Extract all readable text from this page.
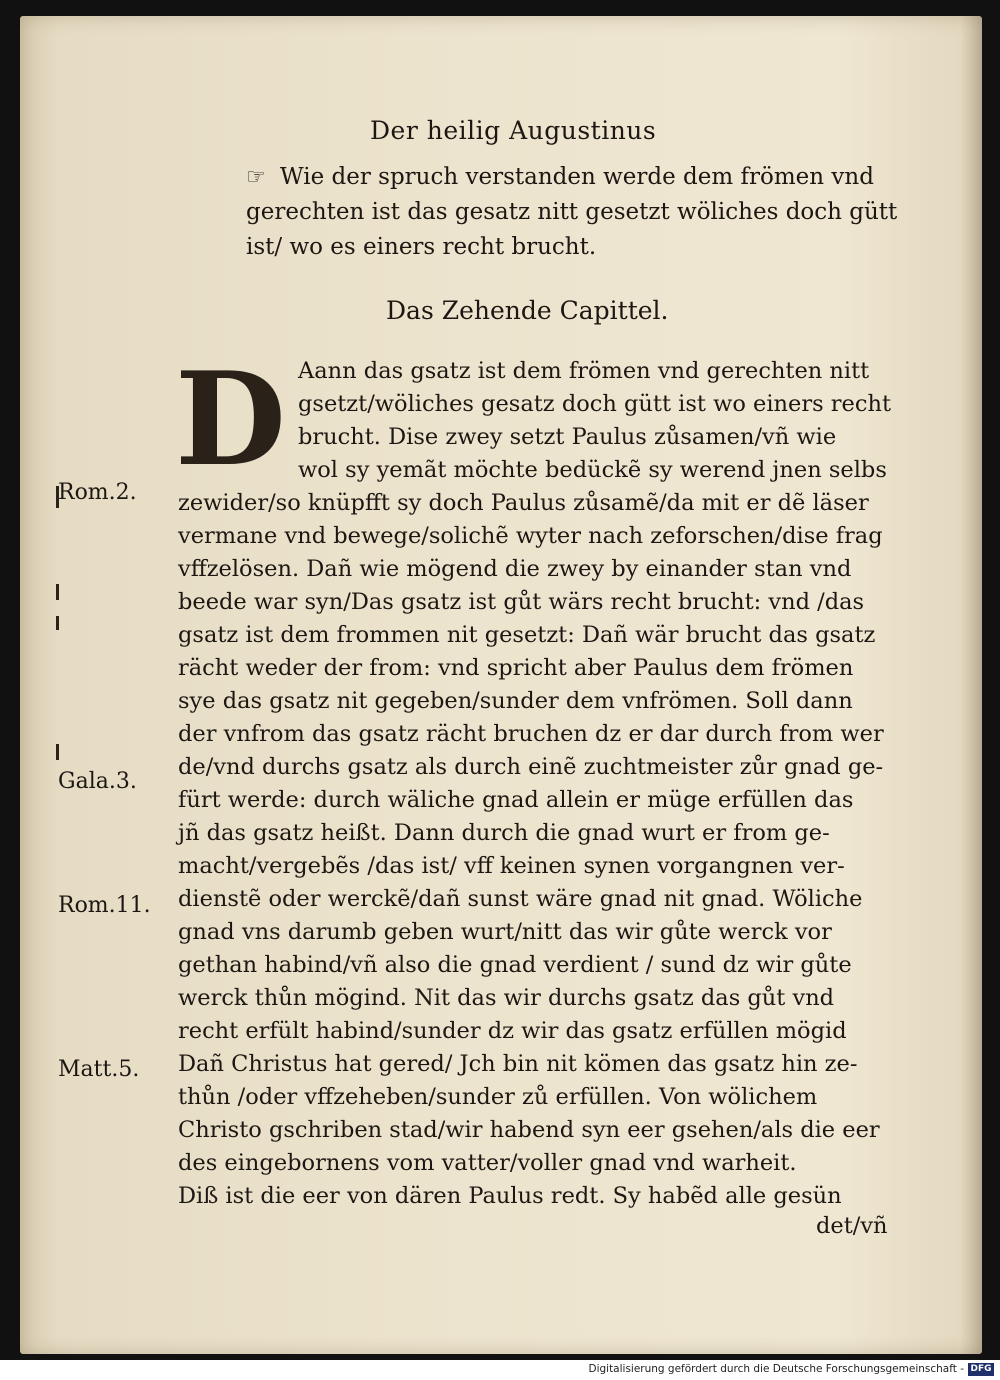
Der heilig Augustinus
☞ Wie der spruch verstanden werde dem frömen vnd
gerechten ist das gesatz nitt gesetzt wöliches doch gütt
ist/ wo es einers recht brucht.
Das Zehende Capittel.
D Aann das gsatz ist dem frömen vnd gerechten nitt
gsetzt/wöliches gesatz doch gütt ist wo einers recht
brucht. Dise zwey setzt Paulus zůsamen/vñ wie
wol sy yemãt möchte bedückẽ sy werend jnen selbs
zewider/so knüpfft sy doch Paulus zůsamẽ/da mit er dẽ läser
vermane vnd bewege/solichẽ wyter nach zeforschen/dise frag
vffzelösen. Dañ wie mögend die zwey by einander stan vnd
beede war syn/Das gsatz ist gůt wärs recht brucht: vnd /das
gsatz ist dem frommen nit gesetzt: Dañ wär brucht das gsatz
rächt weder der from: vnd spricht aber Paulus dem frömen
sye das gsatz nit gegeben/sunder dem vnfrömen. Soll dann
der vnfrom das gsatz rächt bruchen dz er dar durch from wer
de/vnd durchs gsatz als durch einẽ zuchtmeister zůr gnad ge-
fürt werde: durch wäliche gnad allein er müge erfüllen das
jñ das gsatz heißt. Dann durch die gnad wurt er from ge-
macht/vergebẽs /das ist/ vff keinen synen vorgangnen ver-
dienstẽ oder werckẽ/dañ sunst wäre gnad nit gnad. Wöliche
gnad vns darumb geben wurt/nitt das wir gůte werck vor
gethan habind/vñ also die gnad verdient / sund dz wir gůte
werck thůn mögind. Nit das wir durchs gsatz das gůt vnd
recht erfült habind/sunder dz wir das gsatz erfüllen mögid
Dañ Christus hat gered/ Jch bin nit kömen das gsatz hin ze-
thůn /oder vffzeheben/sunder zů erfüllen. Von wölichem
Christo gschriben stad/wir habend syn eer gsehen/als die eer
des eingebornens vom vatter/voller gnad vnd warheit.
Diß ist die eer von dären Paulus redt. Sy habẽd alle gesün
det/vñ
Rom.2.
Gala.3.
Rom.11.
Matt.5.
Digitalisierung gefördert durch die Deutsche Forschungsgemeinschaft - DFG
